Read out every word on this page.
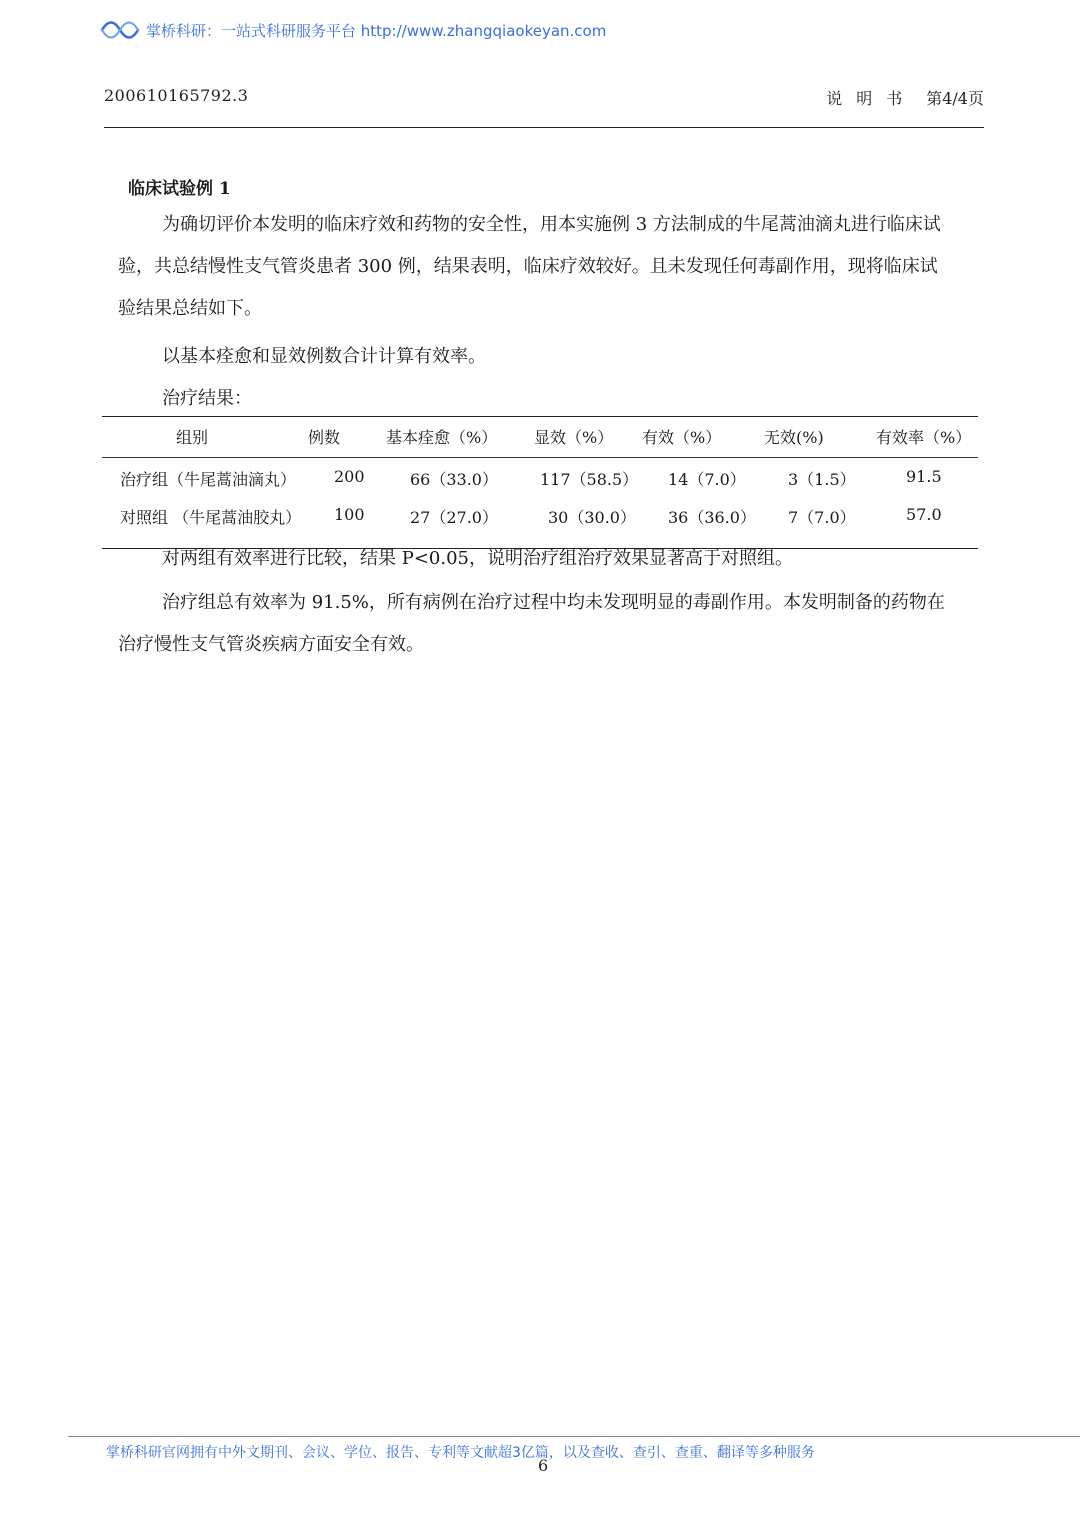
掌桥科研：一站式科研服务平台 http://www.zhangqiaokeyan.com
200610165792.3	说明书 第4/4页
临床试验例 1

为确切评价本发明的临床疗效和药物的安全性，用本实施例 3 方法制成的牛尾蒿油滴丸进行临床试验，共总结慢性支气管炎患者 300 例，结果表明，临床疗效较好。且未发现任何毒副作用，现将临床试验结果总结如下。

以基本痊愈和显效例数合计计算有效率。

治疗结果：

组别	例数	基本痊愈（%） 显效（%） 有效（%）	无效(%)	有效率（%）
治疗组（牛尾蒿油滴丸） 200	66（33.0）	117（58.5） 14（7.0）	3（1.5）	91.5
对照组 （牛尾蒿油胶丸） 100	27（27.0）	30（30.0） 36（36.0） 7（7.0）	57.0

对两组有效率进行比较，结果 P<0.05，说明治疗组治疗效果显著高于对照组。

治疗组总有效率为 91.5%，所有病例在治疗过程中均未发现明显的毒副作用。本发明制备的药物在治疗慢性支气管炎疾病方面安全有效。

掌桥科研官网拥有中外文期刊、会议、学位、报告、专利等文献超3亿篇，以及查收、查引、查重、翻译等多种服务
6
